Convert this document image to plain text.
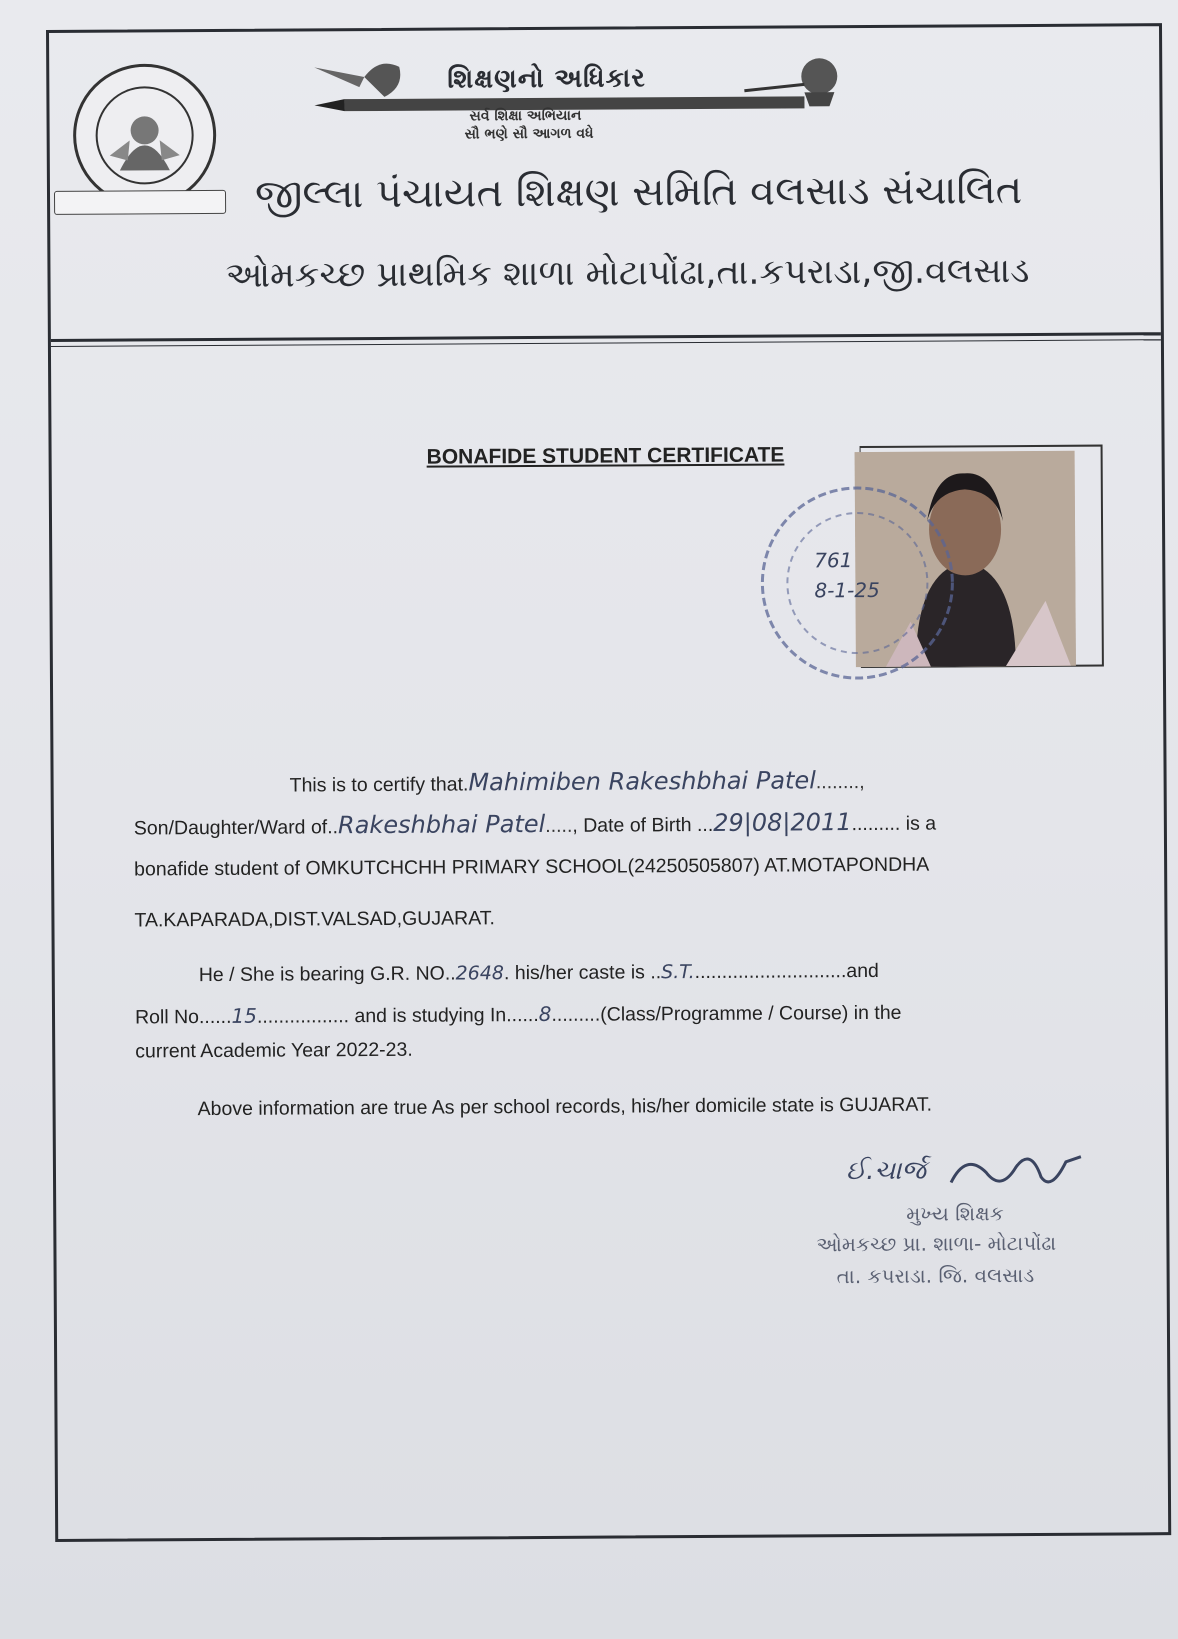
શિક્ષણનો અધિકાર
સર્વ શિક્ષા અભિયાન
સૌ ભણે સૌ આગળ વધે
જીલ્લા પંચાયત શિક્ષણ સમિતિ વલસાડ સંચાલિત
ઓમકચ્છ પ્રાથમિક શાળા મોટાપોંઢા,તા.કપરાડા,જી.વલસાડ
BONAFIDE STUDENT CERTIFICATE
761
8-1-25
This is to certify that.Mahimiben Rakeshbhai Patel........,
Son/Daughter/Ward of..Rakeshbhai Patel....., Date of Birth ...29|08|2011......... is a
bonafide student of OMKUTCHCHH PRIMARY SCHOOL(24250505807) AT.MOTAPONDHA
TA.KAPARADA,DIST.VALSAD,GUJARAT.
He / She is bearing G.R. NO..2648. his/her caste is ..S.T.............................and
Roll No......15................. and is studying In......8.........(Class/Programme / Course) in the
current Academic Year 2022-23.
Above information are true As per school records, his/her domicile state is GUJARAT.
ઈ.ચાર્જ
મુખ્ય શિક્ષક
ઓમકચ્છ પ્રા. શાળા- મોટાપોંઢા
તા. કપરાડા. જિ. વલસાડ
